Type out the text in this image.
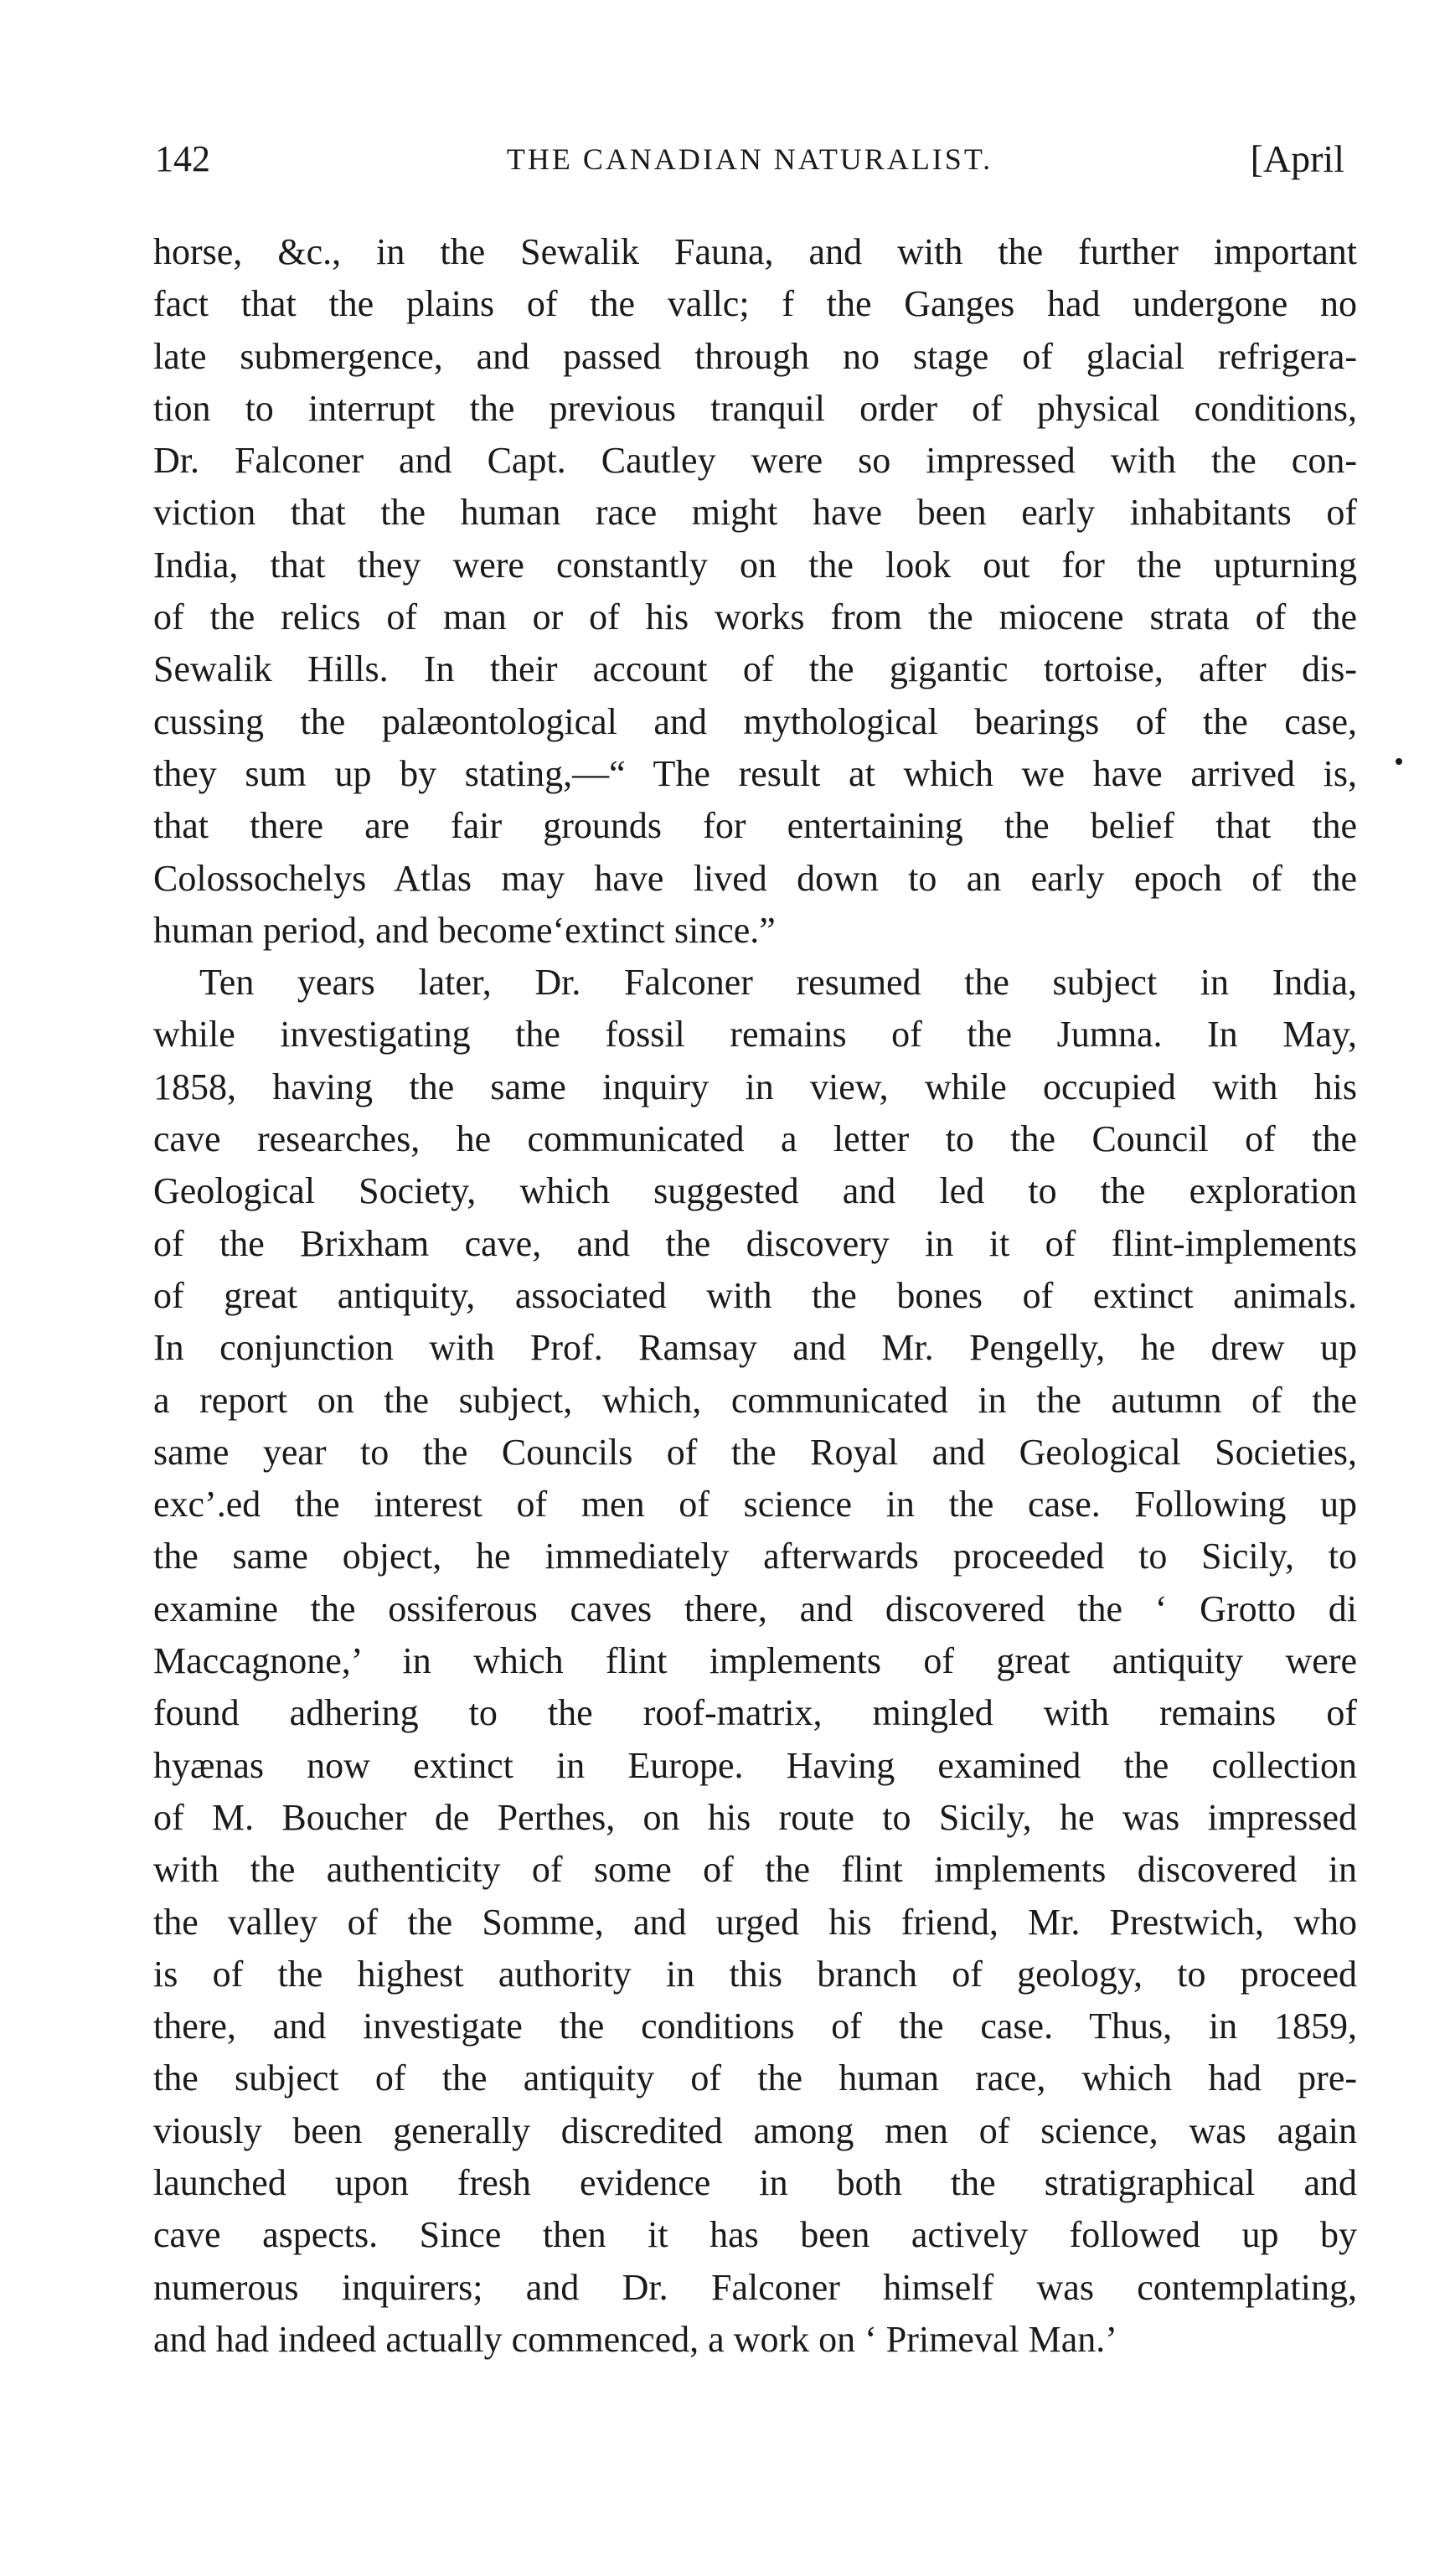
142	THE CANADIAN NATURALIST.	[April
horse, &c., in the Sewalik Fauna, and with the further important
fact that the plains of the vallc; f the Ganges had undergone no
late submergence, and passed through no stage of glacial refrigera-
tion to interrupt the previous tranquil order of physical conditions,
Dr. Falconer and Capt. Cautley were so impressed with the con-
viction that the human race might have been early inhabitants of
India, that they were constantly on the look out for the upturning
of the relics of man or of his works from the miocene strata of the
Sewalik Hills. In their account of the gigantic tortoise, after dis-
cussing the palæontological and mythological bearings of the case,
they sum up by stating,—“ The result at which we have arrived is,
that there are fair grounds for entertaining the belief that the
Colossochelys Atlas may have lived down to an early epoch of the
human period, and become‘extinct since.”
Ten years later, Dr. Falconer resumed the subject in India,
while investigating the fossil remains of the Jumna. In May,
1858, having the same inquiry in view, while occupied with his
cave researches, he communicated a letter to the Council of the
Geological Society, which suggested and led to the exploration
of the Brixham cave, and the discovery in it of flint-implements
of great antiquity, associated with the bones of extinct animals.
In conjunction with Prof. Ramsay and Mr. Pengelly, he drew up
a report on the subject, which, communicated in the autumn of the
same year to the Councils of the Royal and Geological Societies,
exc’.ed the interest of men of science in the case. Following up
the same object, he immediately afterwards proceeded to Sicily, to
examine the ossiferous caves there, and discovered the ‘ Grotto di
Maccagnone,’ in which flint implements of great antiquity were
found adhering to the roof-matrix, mingled with remains of
hyænas now extinct in Europe. Having examined the collection
of M. Boucher de Perthes, on his route to Sicily, he was impressed
with the authenticity of some of the flint implements discovered in
the valley of the Somme, and urged his friend, Mr. Prestwich, who
is of the highest authority in this branch of geology, to proceed
there, and investigate the conditions of the case. Thus, in 1859,
the subject of the antiquity of the human race, which had pre-
viously been generally discredited among men of science, was again
launched upon fresh evidence in both the stratigraphical and
cave aspects. Since then it has been actively followed up by
numerous inquirers; and Dr. Falconer himself was contemplating,
and had indeed actually commenced, a work on ‘ Primeval Man.’
